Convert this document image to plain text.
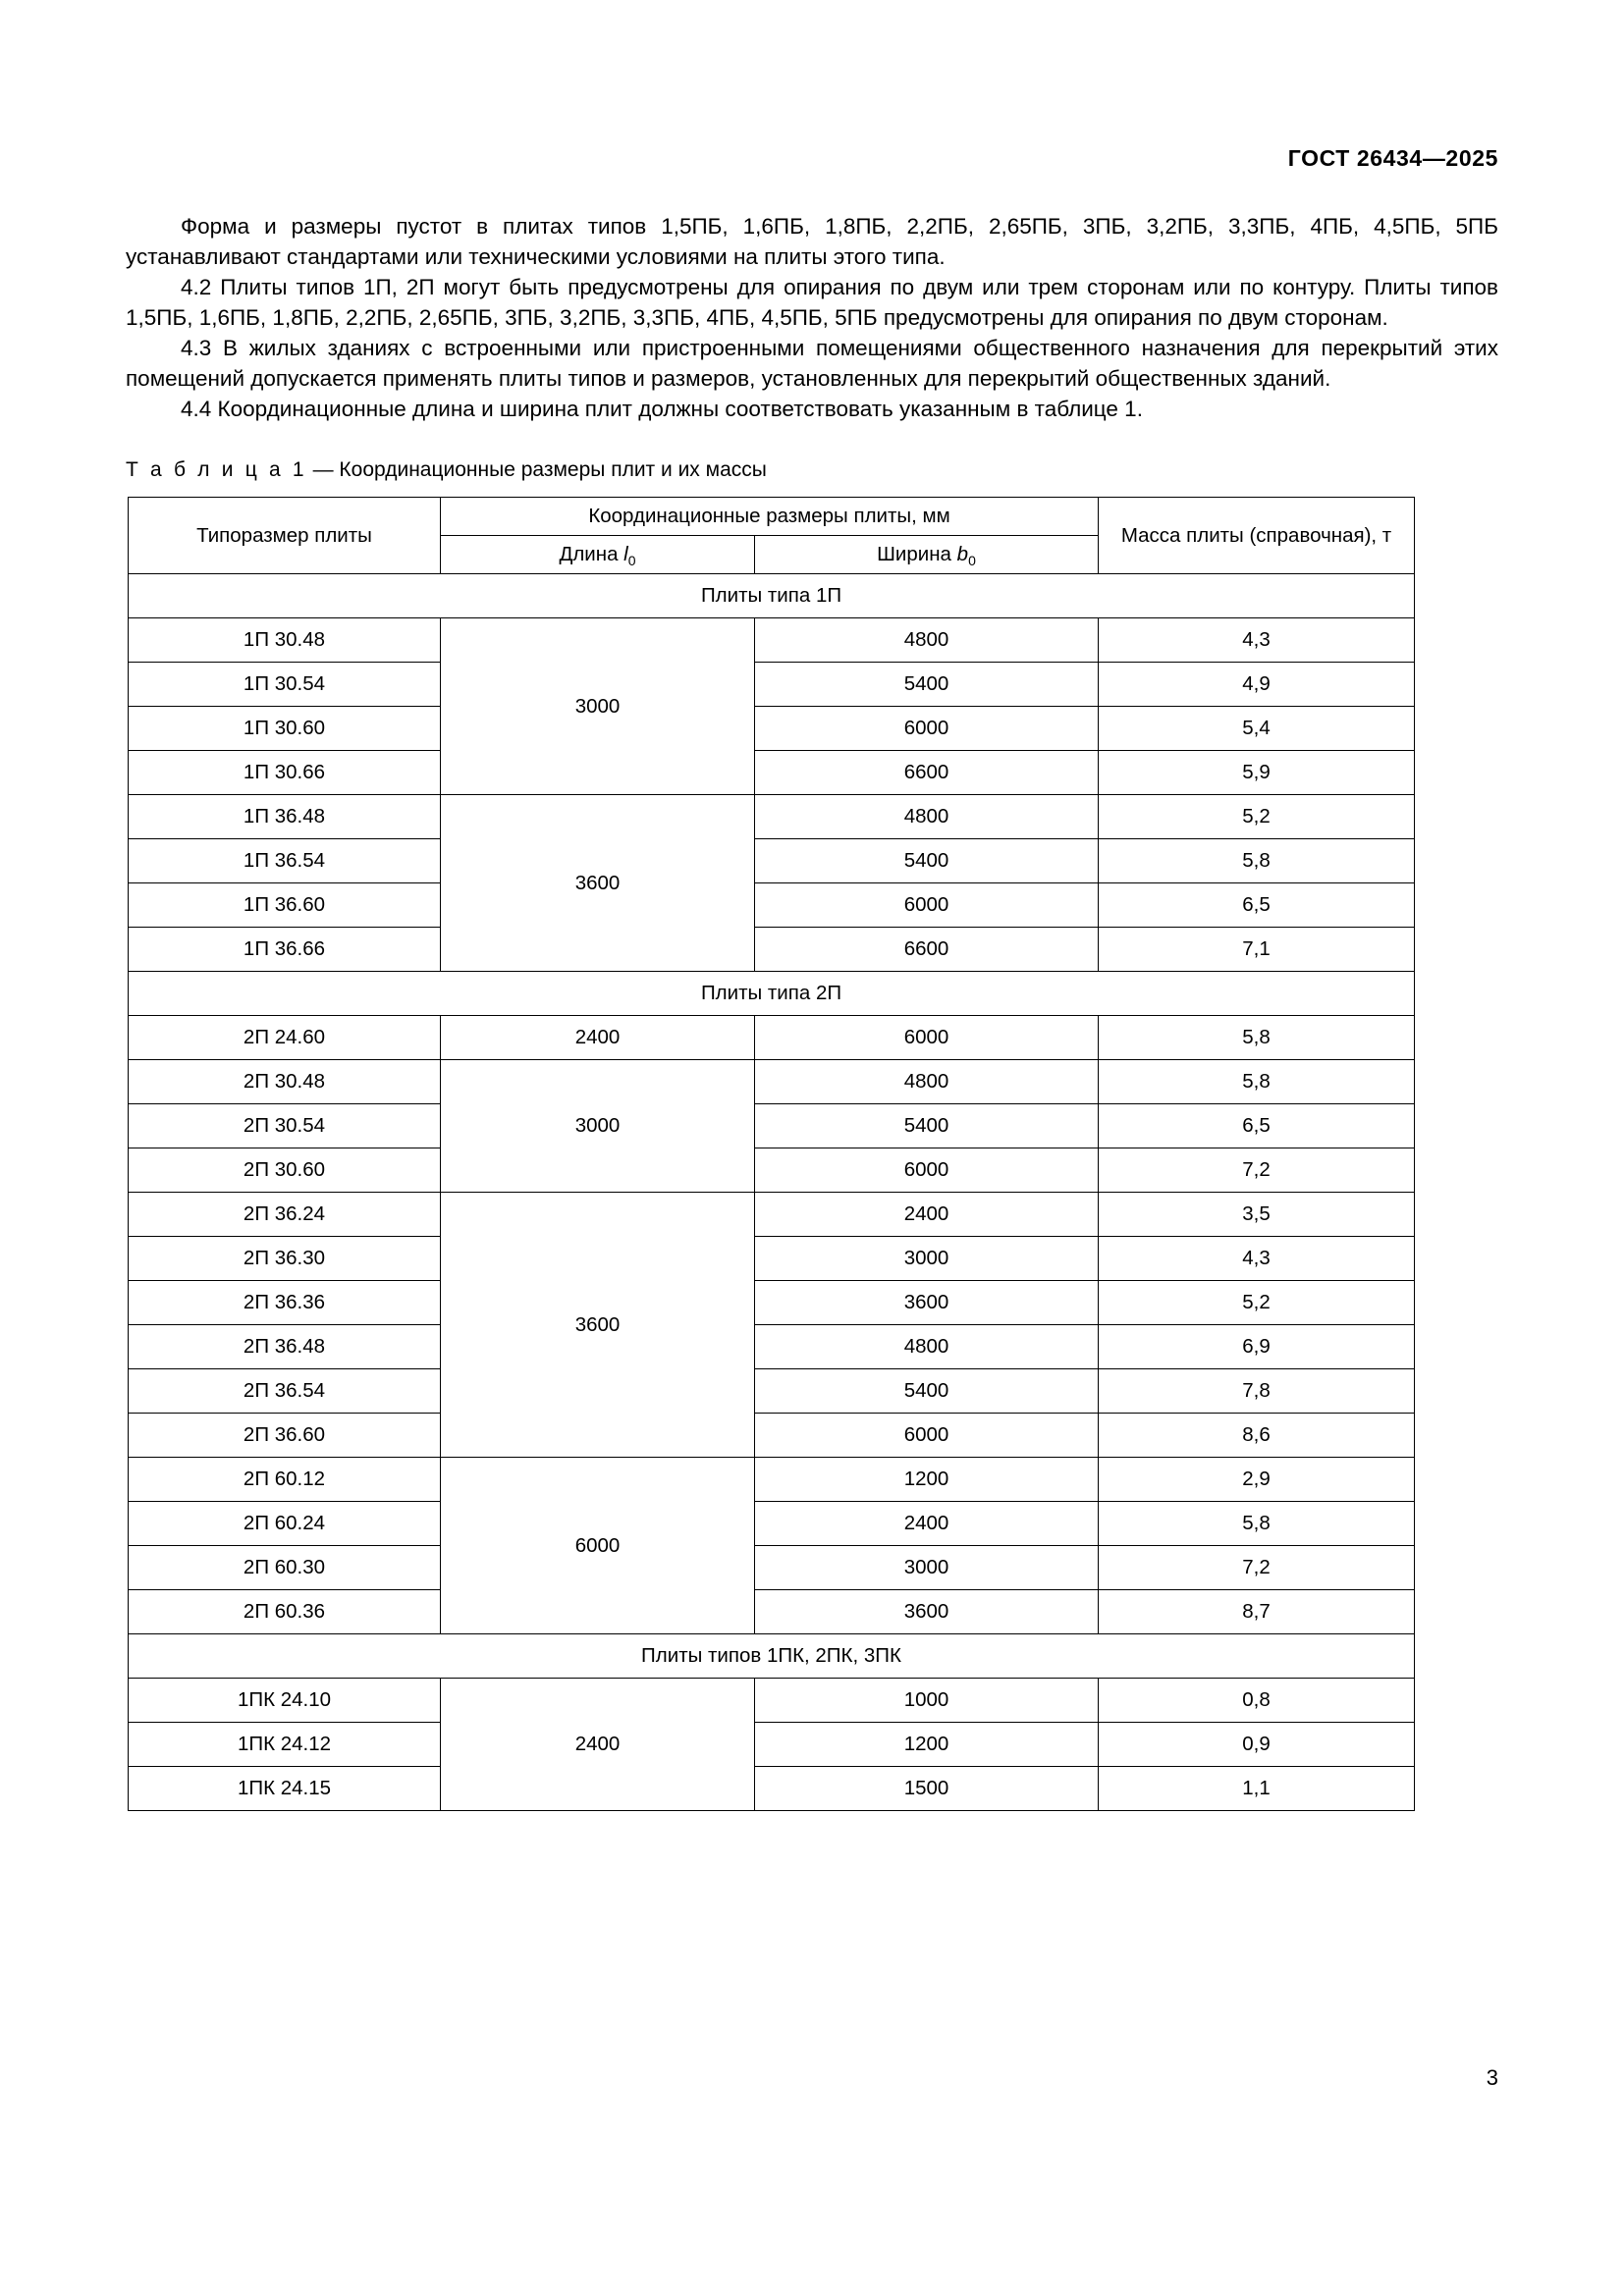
ГОСТ 26434—2025

Форма и размеры пустот в плитах типов 1,5ПБ, 1,6ПБ, 1,8ПБ, 2,2ПБ, 2,65ПБ, 3ПБ, 3,2ПБ, 3,3ПБ, 4ПБ, 4,5ПБ, 5ПБ устанавливают стандартами или техническими условиями на плиты этого типа.

4.2 Плиты типов 1П, 2П могут быть предусмотрены для опирания по двум или трем сторонам или по контуру. Плиты типов 1,5ПБ, 1,6ПБ, 1,8ПБ, 2,2ПБ, 2,65ПБ, 3ПБ, 3,2ПБ, 3,3ПБ, 4ПБ, 4,5ПБ, 5ПБ предусмотрены для опирания по двум сторонам.

4.3 В жилых зданиях с встроенными или пристроенными помещениями общественного назначения для перекрытий этих помещений допускается применять плиты типов и размеров, установленных для перекрытий общественных зданий.

4.4 Координационные длина и ширина плит должны соответствовать указанным в таблице 1.

Т а б л и ц а 1 — Координационные размеры плит и их массы
Типоразмер плиты	Координационные размеры плиты, мм		Масса плиты (справочная), т
	Длина $l_0$	Ширина $b_0$
Плиты типа 1П			
1П 30.48	3000	4800	4,3
1П 30.54		5400	4,9
1П 30.60		6000	5,4
1П 30.66		6600	5,9
1П 36.48	3600	4800	5,2
1П 36.54		5400	5,8
1П 36.60		6000	6,5
1П 36.66		6600	7,1
Плиты типа 2П			
2П 24.60	2400	6000	5,8
2П 30.48	3000	4800	5,8
2П 30.54		5400	6,5
2П 30.60		6000	7,2
2П 36.24	3600	2400	3,5
2П 36.30		3000	4,3
2П 36.36		3600	5,2
2П 36.48		4800	6,9
2П 36.54		5400	7,8
2П 36.60		6000	8,6
2П 60.12	6000	1200	2,9
2П 60.24		2400	5,8
2П 60.30		3000	7,2
2П 60.36		3600	8,7
Плиты типов 1ПК, 2ПК, 3ПК			
1ПК 24.10	2400	1000	0,8
1ПК 24.12		1200	0,9
1ПК 24.15		1500	1,1
3
